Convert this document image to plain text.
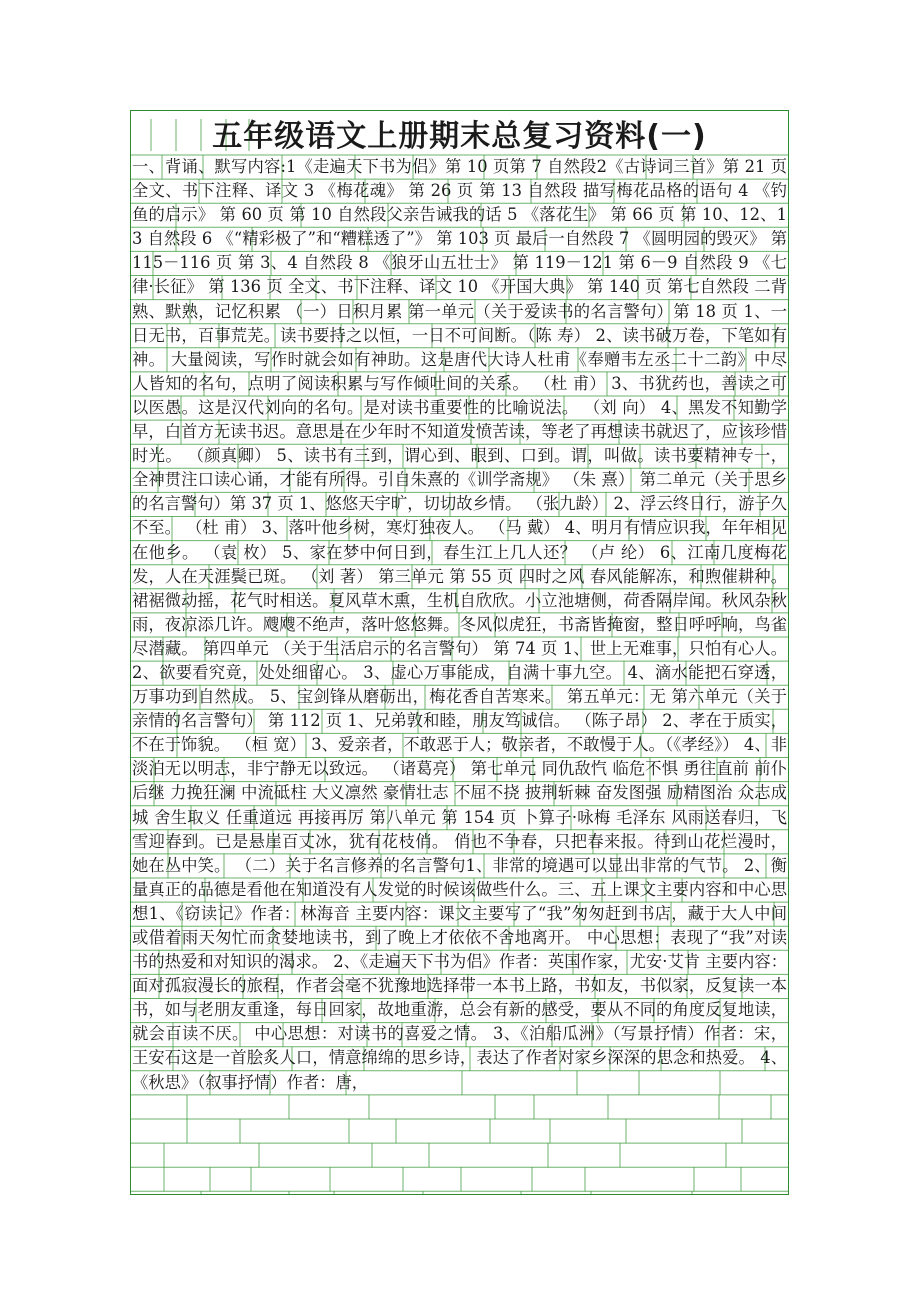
五年级语文上册期末总复习资料(一)
一、背诵、默写内容:1《走遍天下书为侣》第 10 页第 7 自然段2《古诗词三首》第 21 页 全文、书下注释、译文 3 《梅花魂》 第 26 页 第 13 自然段 描写梅花品格的语句 4 《钓鱼的启示》 第 60 页 第 10 自然段父亲告诫我的话 5 《落花生》 第 66 页 第 10、12、13 自然段 6 《“精彩极了”和“糟糕透了”》 第 103 页 最后一自然段 7 《圆明园的毁灭》 第 115－116 页 第 3、4 自然段 8 《狼牙山五壮士》 第 119－121 第 6－9 自然段 9 《七律·长征》 第 136 页 全文、书下注释、译文 10 《开国大典》 第 140 页 第七自然段 二背熟、默熟，记忆积累 （一）日积月累 第一单元（关于爱读书的名言警句）第 18 页 1、一日无书，百事荒芜。读书要持之以恒，一日不可间断。（陈 寿） 2、读书破万卷，下笔如有神。 大量阅读，写作时就会如有神助。这是唐代大诗人杜甫《奉赠韦左丞二十二韵》中尽人皆知的名句，点明了阅读积累与写作倾吐间的关系。 （杜 甫） 3、书犹药也，善读之可以医愚。这是汉代刘向的名句。是对读书重要性的比喻说法。 （刘 向） 4、黑发不知勤学早，白首方无读书迟。意思是在少年时不知道发愤苦读，等老了再想读书就迟了，应该珍惜时光。 （颜真卿） 5、读书有三到，谓心到、眼到、口到。谓，叫做。读书要精神专一，全神贯注口读心诵，才能有所得。引自朱熹的《训学斋规》 （朱 熹） 第二单元（关于思乡的名言警句）第 37 页 1、悠悠天宇旷，切切故乡情。 （张九龄） 2、浮云终日行，游子久不至。 （杜 甫） 3、落叶他乡树，寒灯独夜人。 （马 戴） 4、明月有情应识我，年年相见在他乡。 （袁 枚） 5、家在梦中何日到，春生江上几人还？ （卢 纶） 6、江南几度梅花发，人在天涯鬓已斑。 （刘 著） 第三单元 第 55 页 四时之风 春风能解冻，和煦催耕种。裙裾微动摇，花气时相送。夏风草木熏，生机自欣欣。小立池塘侧，荷香隔岸闻。秋风杂秋雨，夜凉添几许。飕飕不绝声，落叶悠悠舞。冬风似虎狂，书斋皆掩窗，整日呼呼响，鸟雀尽潜藏。 第四单元 （关于生活启示的名言警句） 第 74 页 1、世上无难事，只怕有心人。 2、欲要看究竟，处处细留心。 3、虚心万事能成，自满十事九空。 4、滴水能把石穿透，万事功到自然成。 5、宝剑锋从磨砺出，梅花香自苦寒来。 第五单元：无 第六单元（关于亲情的名言警句） 第 112 页 1、兄弟敦和睦，朋友笃诚信。 （陈子昂） 2、孝在于质实，不在于饰貌。 （桓 宽） 3、爱亲者，不敢恶于人；敬亲者，不敢慢于人。（《孝经》） 4、非淡泊无以明志，非宁静无以致远。 （诸葛亮） 第七单元 同仇敌忾 临危不惧 勇往直前 前仆后继 力挽狂澜 中流砥柱 大义凛然 豪情壮志 不屈不挠 披荆斩棘 奋发图强 励精图治 众志成城 舍生取义 任重道远 再接再厉 第八单元 第 154 页 卜算子·咏梅 毛泽东 风雨送春归，飞雪迎春到。已是悬崖百丈冰，犹有花枝俏。 俏也不争春，只把春来报。待到山花烂漫时，她在丛中笑。 （二）关于名言修养的名言警句1、非常的境遇可以显出非常的气节。 2、衡量真正的品德是看他在知道没有人发觉的时候该做些什么。三、五上课文主要内容和中心思想1、《窃读记》作者：林海音 主要内容：课文主要写了“我”匆匆赶到书店，藏于大人中间或借着雨天匆忙而贪婪地读书，到了晚上才依依不舍地离开。 中心思想：表现了“我”对读书的热爱和对知识的渴求。 2、《走遍天下书为侣》作者：英国作家，尤安·艾肯 主要内容：面对孤寂漫长的旅程，作者会毫不犹豫地选择带一本书上路，书如友，书似家，反复读一本书，如与老朋友重逢，每日回家，故地重游，总会有新的感受，要从不同的角度反复地读，就会百读不厌。 中心思想：对读书的喜爱之情。 3、《泊船瓜洲》（写景抒情）作者：宋，王安石这是一首脍炙人口，情意绵绵的思乡诗，表达了作者对家乡深深的思念和热爱。 4、《秋思》（叙事抒情）作者：唐，
